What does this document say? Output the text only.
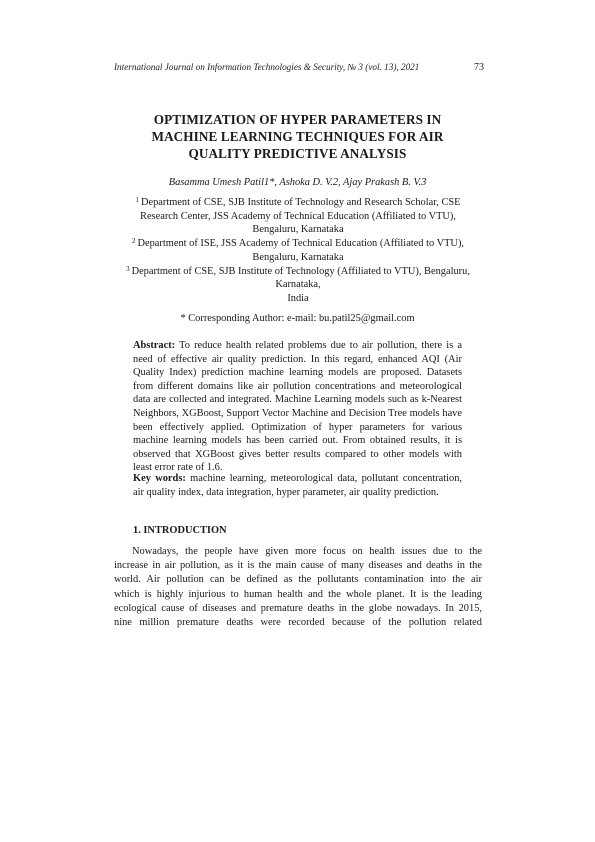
International Journal on Information Technologies & Security, № 3 (vol. 13), 2021	73
OPTIMIZATION OF HYPER PARAMETERS IN
MACHINE LEARNING TECHNIQUES FOR AIR
QUALITY PREDICTIVE ANALYSIS
Basamma Umesh Patil1*, Ashoka D. V.2, Ajay Prakash B. V.3
$^1$ Department of CSE, SJB Institute of Technology and Research Scholar, CSE
Research Center, JSS Academy of Technical Education (Affiliated to VTU),
Bengaluru, Karnataka
$^2$ Department of ISE, JSS Academy of Technical Education (Affiliated to VTU),
Bengaluru, Karnataka
$^3$ Department of CSE, SJB Institute of Technology (Affiliated to VTU), Bengaluru,
Karnataka,
India
* Corresponding Author: e-mail: bu.patil25@gmail.com

Abstract: To reduce health related problems due to air pollution, there is a need of effective air quality prediction. In this regard, enhanced AQI (Air Quality Index) prediction machine learning models are proposed. Datasets from different domains like air pollution concentrations and meteorological data are collected and integrated. Machine Learning models such as k-Nearest Neighbors, XGBoost, Support Vector Machine and Decision Tree models have been effectively applied. Optimization of hyper parameters for various machine learning models has been carried out. From obtained results, it is observed that XGBoost gives better results compared to other models with least error rate of 1.6.

Key words: machine learning, meteorological data, pollutant concentration, air quality index, data integration, hyper parameter, air quality prediction.

1. INTRODUCTION
Nowadays, the people have given more focus on health issues due to the
increase in air pollution, as it is the main cause of many diseases and deaths in the
world. Air pollution can be defined as the pollutants contamination into the air
which is highly injurious to human health and the whole planet. It is the leading
ecological cause of diseases and premature deaths in the globe nowadays. In 2015,
nine million premature deaths were recorded because of the pollution related
